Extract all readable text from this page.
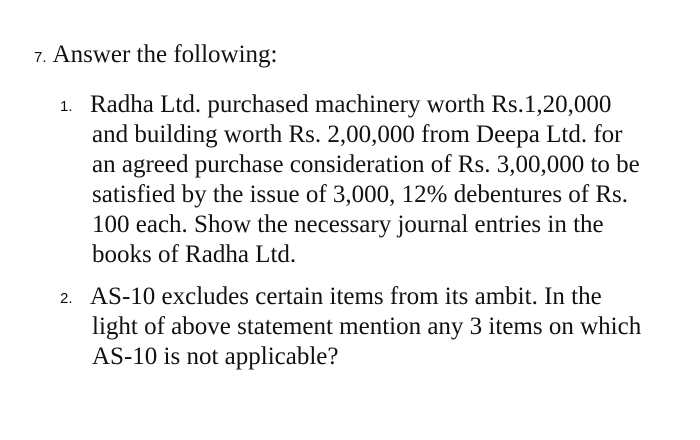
7. Answer the following:
1. Radha Ltd. purchased machinery worth Rs.1,20,000
and building worth Rs. 2,00,000 from Deepa Ltd. for
an agreed purchase consideration of Rs. 3,00,000 to be
satisfied by the issue of 3,000, 12% debentures of Rs.
100 each. Show the necessary journal entries in the
books of Radha Ltd.
2. AS-10 excludes certain items from its ambit. In the
light of above statement mention any 3 items on which
AS-10 is not applicable?
